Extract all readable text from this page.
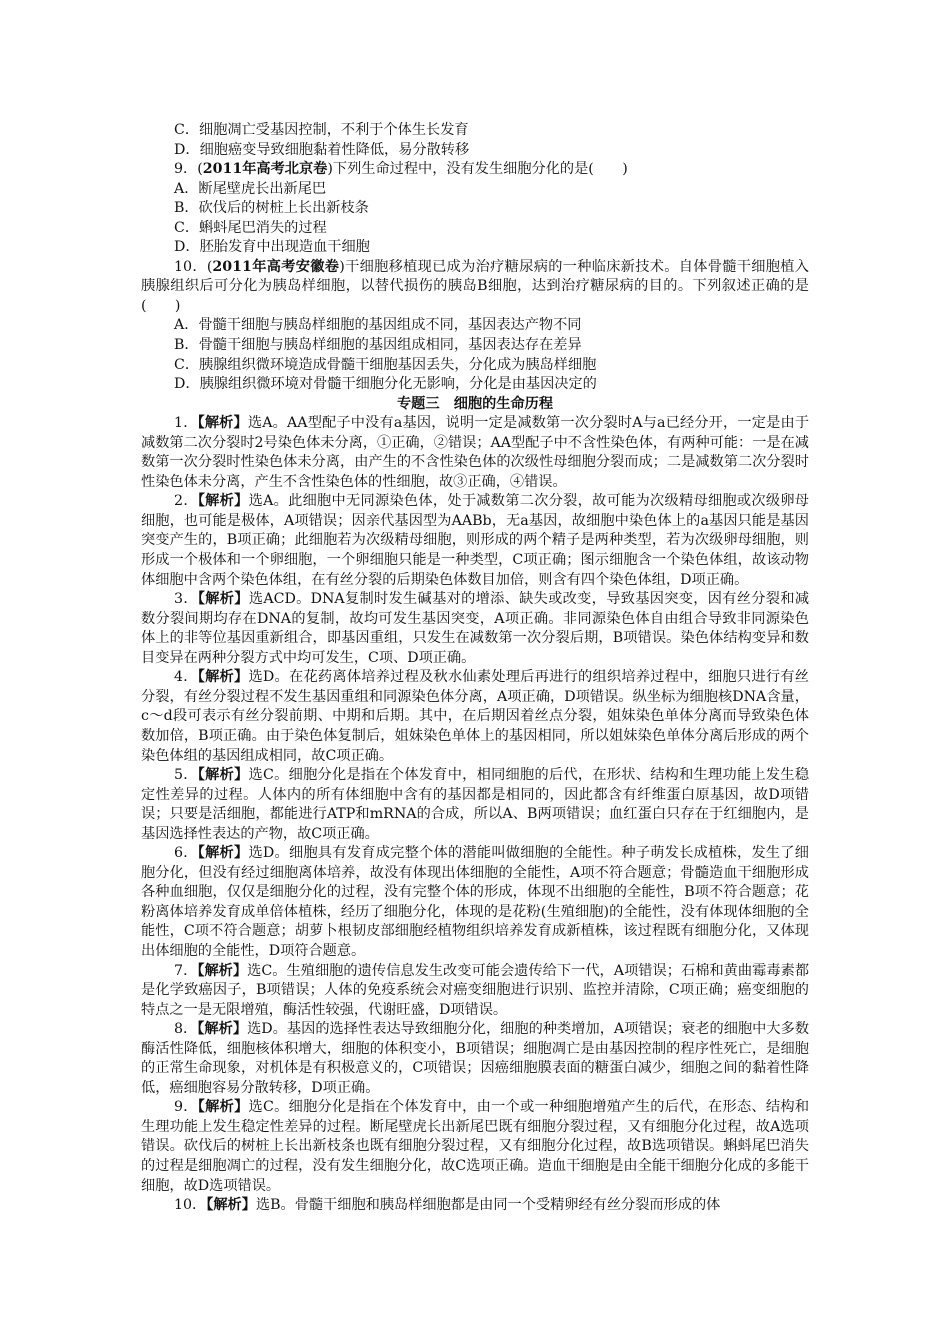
C．细胞凋亡受基因控制，不利于个体生长发育
D．细胞癌变导致细胞黏着性降低，易分散转移
9．(2011年高考北京卷)下列生命过程中，没有发生细胞分化的是(　　)
A．断尾壁虎长出新尾巴
B．砍伐后的树桩上长出新枝条
C．蝌蚪尾巴消失的过程
D．胚胎发育中出现造血干细胞
10．(2011年高考安徽卷)干细胞移植现已成为治疗糖尿病的一种临床新技术。自体骨髓干细胞植入胰腺组织后可分化为胰岛样细胞，以替代损伤的胰岛B细胞，达到治疗糖尿病的目的。下列叙述正确的是(　　)
A．骨髓干细胞与胰岛样细胞的基因组成不同，基因表达产物不同
B．骨髓干细胞与胰岛样细胞的基因组成相同，基因表达存在差异
C．胰腺组织微环境造成骨髓干细胞基因丢失，分化成为胰岛样细胞
D．胰腺组织微环境对骨髓干细胞分化无影响，分化是由基因决定的
专题三　细胞的生命历程
1．【解析】选A。AA型配子中没有a基因，说明一定是减数第一次分裂时A与a已经分开，一定是由于减数第二次分裂时2号染色体未分离，①正确，②错误；AA型配子中不含性染色体，有两种可能：一是在减数第一次分裂时性染色体未分离，由产生的不含性染色体的次级性母细胞分裂而成；二是减数第二次分裂时性染色体未分离，产生不含性染色体的性细胞，故③正确，④错误。
2．【解析】选A。此细胞中无同源染色体，处于减数第二次分裂，故可能为次级精母细胞或次级卵母细胞，也可能是极体，A项错误；因亲代基因型为AABb，无a基因，故细胞中染色体上的a基因只能是基因突变产生的，B项正确；此细胞若为次级精母细胞，则形成的两个精子是两种类型，若为次级卵母细胞，则形成一个极体和一个卵细胞，一个卵细胞只能是一种类型，C项正确；图示细胞含一个染色体组，故该动物体细胞中含两个染色体组，在有丝分裂的后期染色体数目加倍，则含有四个染色体组，D项正确。
3．【解析】选ACD。DNA复制时发生碱基对的增添、缺失或改变，导致基因突变，因有丝分裂和减数分裂间期均存在DNA的复制，故均可发生基因突变，A项正确。非同源染色体自由组合导致非同源染色体上的非等位基因重新组合，即基因重组，只发生在减数第一次分裂后期，B项错误。染色体结构变异和数目变异在两种分裂方式中均可发生，C项、D项正确。
4．【解析】选D。在花药离体培养过程及秋水仙素处理后再进行的组织培养过程中，细胞只进行有丝分裂，有丝分裂过程不发生基因重组和同源染色体分离，A项正确，D项错误。纵坐标为细胞核DNA含量，c～d段可表示有丝分裂前期、中期和后期。其中，在后期因着丝点分裂，姐妹染色单体分离而导致染色体数加倍，B项正确。由于染色体复制后，姐妹染色单体上的基因相同，所以姐妹染色单体分离后形成的两个染色体组的基因组成相同，故C项正确。
5．【解析】选C。细胞分化是指在个体发育中，相同细胞的后代，在形状、结构和生理功能上发生稳定性差异的过程。人体内的所有体细胞中含有的基因都是相同的，因此都含有纤维蛋白原基因，故D项错误；只要是活细胞，都能进行ATP和mRNA的合成，所以A、B两项错误；血红蛋白只存在于红细胞内，是基因选择性表达的产物，故C项正确。
6．【解析】选D。细胞具有发育成完整个体的潜能叫做细胞的全能性。种子萌发长成植株，发生了细胞分化，但没有经过细胞离体培养，故没有体现出体细胞的全能性，A项不符合题意；骨髓造血干细胞形成各种血细胞，仅仅是细胞分化的过程，没有完整个体的形成，体现不出细胞的全能性，B项不符合题意；花粉离体培养发育成单倍体植株，经历了细胞分化，体现的是花粉(生殖细胞)的全能性，没有体现体细胞的全能性，C项不符合题意；胡萝卜根韧皮部细胞经植物组织培养发育成新植株，该过程既有细胞分化，又体现出体细胞的全能性，D项符合题意。
7．【解析】选C。生殖细胞的遗传信息发生改变可能会遗传给下一代，A项错误；石棉和黄曲霉毒素都是化学致癌因子，B项错误；人体的免疫系统会对癌变细胞进行识别、监控并清除，C项正确；癌变细胞的特点之一是无限增殖，酶活性较强，代谢旺盛，D项错误。
8．【解析】选D。基因的选择性表达导致细胞分化，细胞的种类增加，A项错误；衰老的细胞中大多数酶活性降低，细胞核体积增大，细胞的体积变小，B项错误；细胞凋亡是由基因控制的程序性死亡，是细胞的正常生命现象，对机体是有积极意义的，C项错误；因癌细胞膜表面的糖蛋白减少，细胞之间的黏着性降低，癌细胞容易分散转移，D项正确。
9．【解析】选C。细胞分化是指在个体发育中，由一个或一种细胞增殖产生的后代，在形态、结构和生理功能上发生稳定性差异的过程。断尾壁虎长出新尾巴既有细胞分裂过程，又有细胞分化过程，故A选项错误。砍伐后的树桩上长出新枝条也既有细胞分裂过程，又有细胞分化过程，故B选项错误。蝌蚪尾巴消失的过程是细胞凋亡的过程，没有发生细胞分化，故C选项正确。造血干细胞是由全能干细胞分化成的多能干细胞，故D选项错误。
10．【解析】选B。骨髓干细胞和胰岛样细胞都是由同一个受精卵经有丝分裂而形成的体
